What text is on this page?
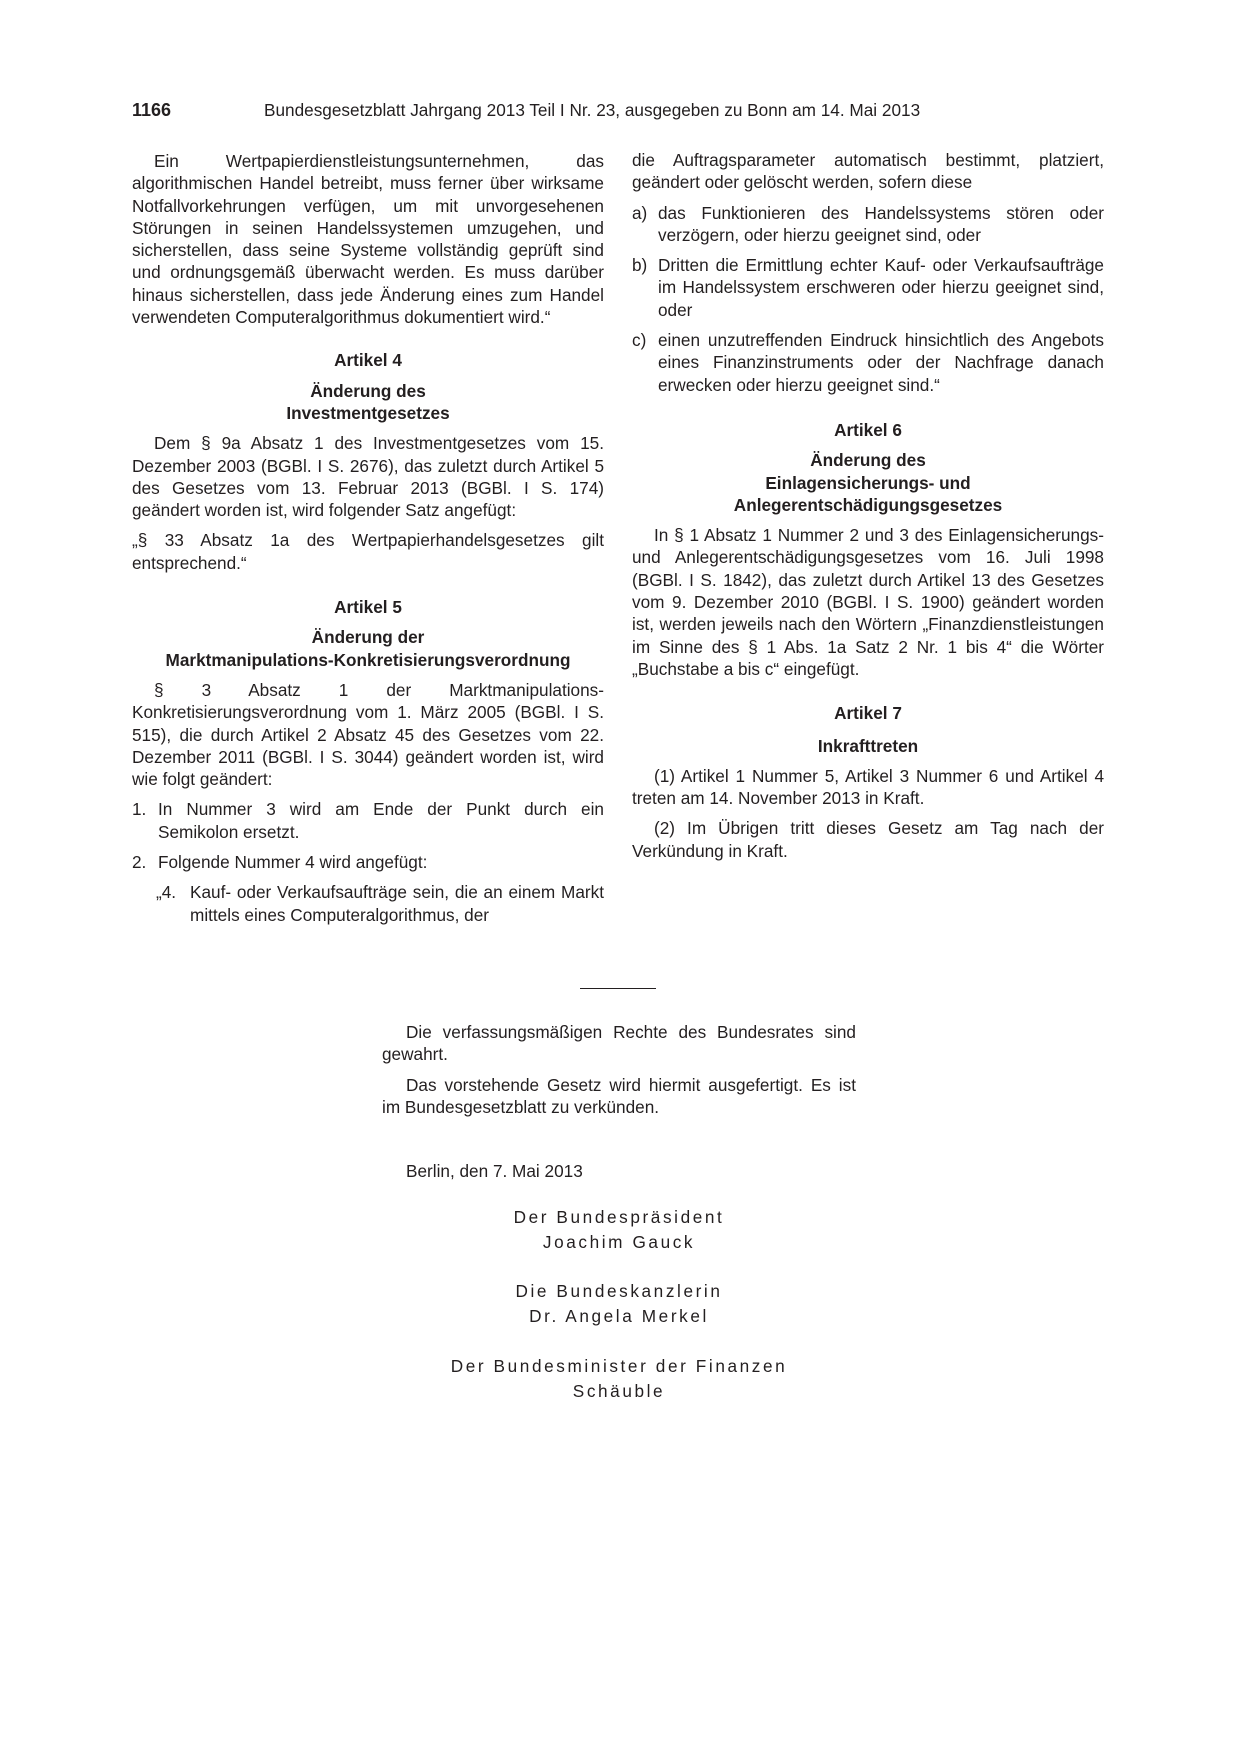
1166	Bundesgesetzblatt Jahrgang 2013 Teil I Nr. 23, ausgegeben zu Bonn am 14. Mai 2013

Ein Wertpapierdienstleistungsunternehmen, das algorithmischen Handel betreibt, muss ferner über wirksame Notfallvorkehrungen verfügen, um mit unvorgesehenen Störungen in seinen Handelssystemen umzugehen, und sicherstellen, dass seine Systeme vollständig geprüft sind und ordnungsgemäß überwacht werden. Es muss darüber hinaus sicherstellen, dass jede Änderung eines zum Handel verwendeten Computeralgorithmus dokumentiert wird.“

Artikel 4
Änderung des
Investmentgesetzes

Dem § 9a Absatz 1 des Investmentgesetzes vom 15. Dezember 2003 (BGBl. I S. 2676), das zuletzt durch Artikel 5 des Gesetzes vom 13. Februar 2013 (BGBl. I S. 174) geändert worden ist, wird folgender Satz angefügt:

„§ 33 Absatz 1a des Wertpapierhandelsgesetzes gilt entsprechend.“

Artikel 5
Änderung der
Marktmanipulations-Konkretisierungsverordnung

§ 3 Absatz 1 der Marktmanipulations-Konkretisierungsverordnung vom 1. März 2005 (BGBl. I S. 515), die durch Artikel 2 Absatz 45 des Gesetzes vom 22. Dezember 2011 (BGBl. I S. 3044) geändert worden ist, wird wie folgt geändert:

1. In Nummer 3 wird am Ende der Punkt durch ein Semikolon ersetzt.
2. Folgende Nummer 4 wird angefügt:
„4. Kauf- oder Verkaufsaufträge sein, die an einem Markt mittels eines Computeralgorithmus, der

die Auftragsparameter automatisch bestimmt, platziert, geändert oder gelöscht werden, sofern diese

a) das Funktionieren des Handelssystems stören oder verzögern, oder hierzu geeignet sind, oder
b) Dritten die Ermittlung echter Kauf- oder Verkaufsaufträge im Handelssystem erschweren oder hierzu geeignet sind, oder
c) einen unzutreffenden Eindruck hinsichtlich des Angebots eines Finanzinstruments oder der Nachfrage danach erwecken oder hierzu geeignet sind.“
Artikel 6
Änderung des
Einlagensicherungs- und
Anlegerentschädigungsgesetzes

In § 1 Absatz 1 Nummer 2 und 3 des Einlagensicherungs- und Anlegerentschädigungsgesetzes vom 16. Juli 1998 (BGBl. I S. 1842), das zuletzt durch Artikel 13 des Gesetzes vom 9. Dezember 2010 (BGBl. I S. 1900) geändert worden ist, werden jeweils nach den Wörtern „Finanzdienstleistungen im Sinne des § 1 Abs. 1a Satz 2 Nr. 1 bis 4“ die Wörter „Buchstabe a bis c“ eingefügt.

Artikel 7
Inkrafttreten

(1) Artikel 1 Nummer 5, Artikel 3 Nummer 6 und Artikel 4 treten am 14. November 2013 in Kraft.

(2) Im Übrigen tritt dieses Gesetz am Tag nach der Verkündung in Kraft.

Die verfassungsmäßigen Rechte des Bundesrates sind gewahrt.

Das vorstehende Gesetz wird hiermit ausgefertigt. Es ist im Bundesgesetzblatt zu verkünden.

Berlin, den 7. Mai 2013
Der Bundespräsident
Joachim Gauck
Die Bundeskanzlerin
Dr. Angela Merkel
Der Bundesminister der Finanzen
Schäuble
